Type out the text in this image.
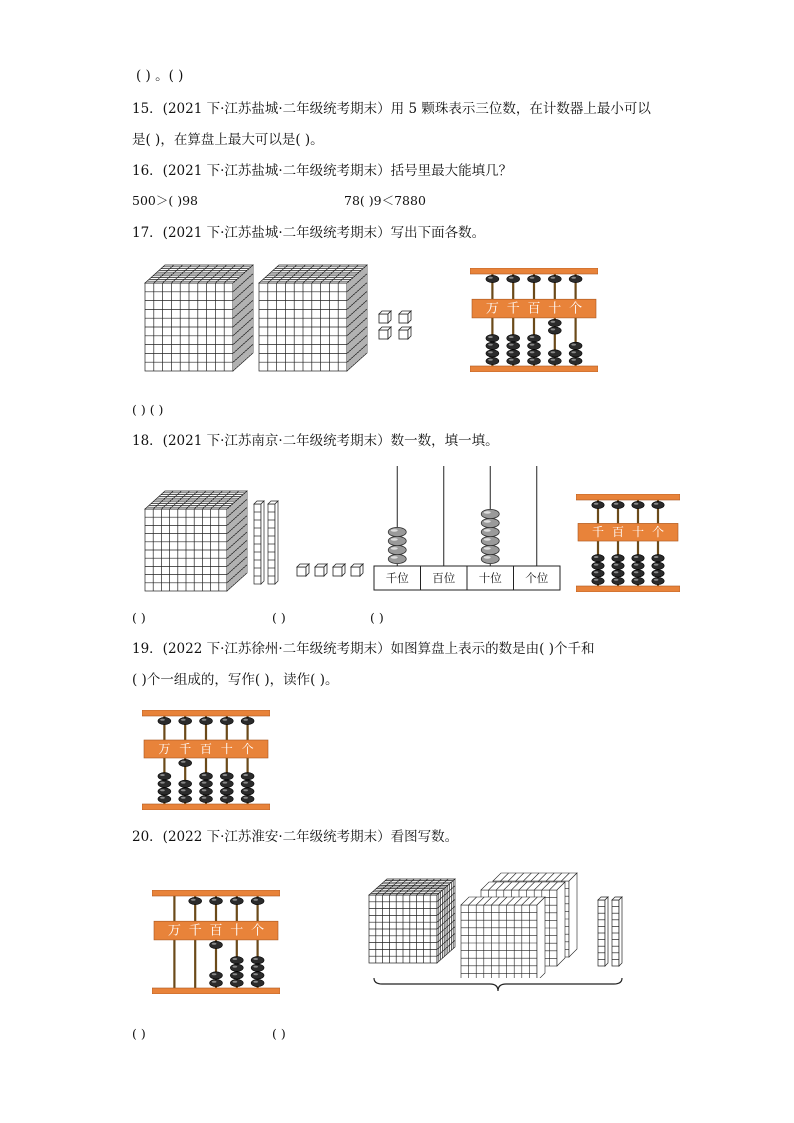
( ) 。( )
15．(2021 下·江苏盐城·二年级统考期末）用 5 颗珠表示三位数，在计数器上最小可以
是( )，在算盘上最大可以是( )。
16．(2021 下·江苏盐城·二年级统考期末）括号里最大能填几？
500＞( )98	78( )9＜7880
17．(2021 下·江苏盐城·二年级统考期末）写出下面各数。
( ) ( )
18．(2021 下·江苏南京·二年级统考期末）数一数，填一填。
( )	( )	( )
19．(2022 下·江苏徐州·二年级统考期末）如图算盘上表示的数是由( )个千和
( )个一组成的，写作( )，读作( )。
20．(2022 下·江苏淮安·二年级统考期末）看图写数。
( )	( )
万 千 百 十 个
千位 百位 十位 个位
千 百 十 个
万 千 百 十 个
万 千 百 十 个
